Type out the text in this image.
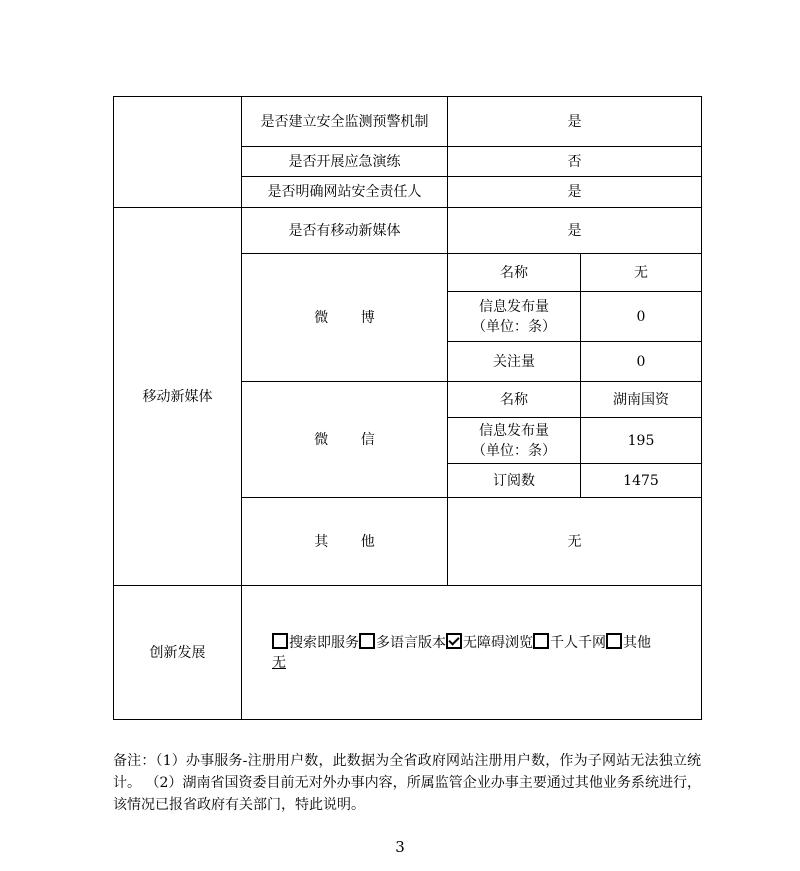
	是否建立安全监测预警机制	是	
	是否开展应急演练	否	
	是否明确网站安全责任人	是	
移动新媒体	是否有移动新媒体	是	
	微 博	名称	无

		信息发布量
（单位：条）	0
		关注量	0
	微 信	名称	湖南国资

		信息发布量
（单位：条）	195
		订阅数	1475
	其 他	无	
创新发展	搜索即服务 多语言版本 无障碍浏览 千人千网 其他
无		
备注：（1）办事服务-注册用户数，此数据为全省政府网站注册用户数，作为子网站无法独立统计。 （2）湖南省国资委目前无对外办事内容，所属监管企业办事主要通过其他业务系统进行，该情况已报省政府有关部门，特此说明。
3
